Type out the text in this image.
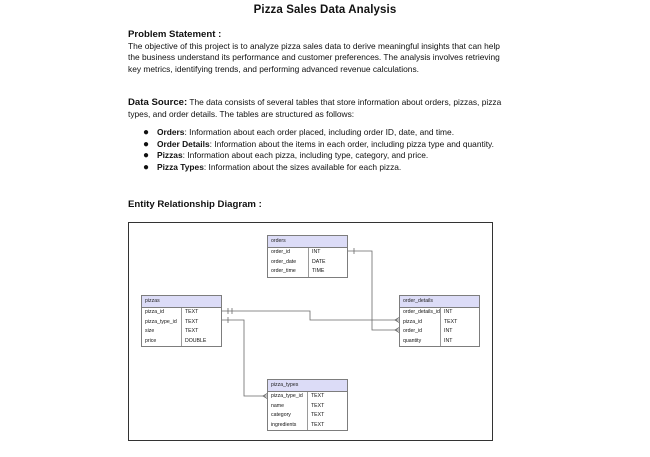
Pizza Sales Data Analysis
Problem Statement :

The objective of this project is to analyze pizza sales data to derive meaningful insights that can help the business understand its performance and customer preferences. The analysis involves retrieving key metrics, identifying trends, and performing advanced revenue calculations.

Data Source: The data consists of several tables that store information about orders, pizzas, pizza types, and order details. The tables are structured as follows:

● Orders: Information about each order placed, including order ID, date, and time.
● Order Details: Information about the items in each order, including pizza type and quantity.
● Pizzas: Information about each pizza, including type, category, and price.
● Pizza Types: Information about the sizes available for each pizza.
Entity Relationship Diagram :
orders
order_id	INT
order_date	DATE
order_time	TIME
pizzas
pizza_id	TEXT
pizza_type_id	TEXT
size	TEXT
price	DOUBLE
order_details
order_details_id INT
pizza_id	TEXT
order_id	INT
quantity	INT
pizza_types
pizza_type_id	TEXT
name	TEXT
category	TEXT
ingredients	TEXT
